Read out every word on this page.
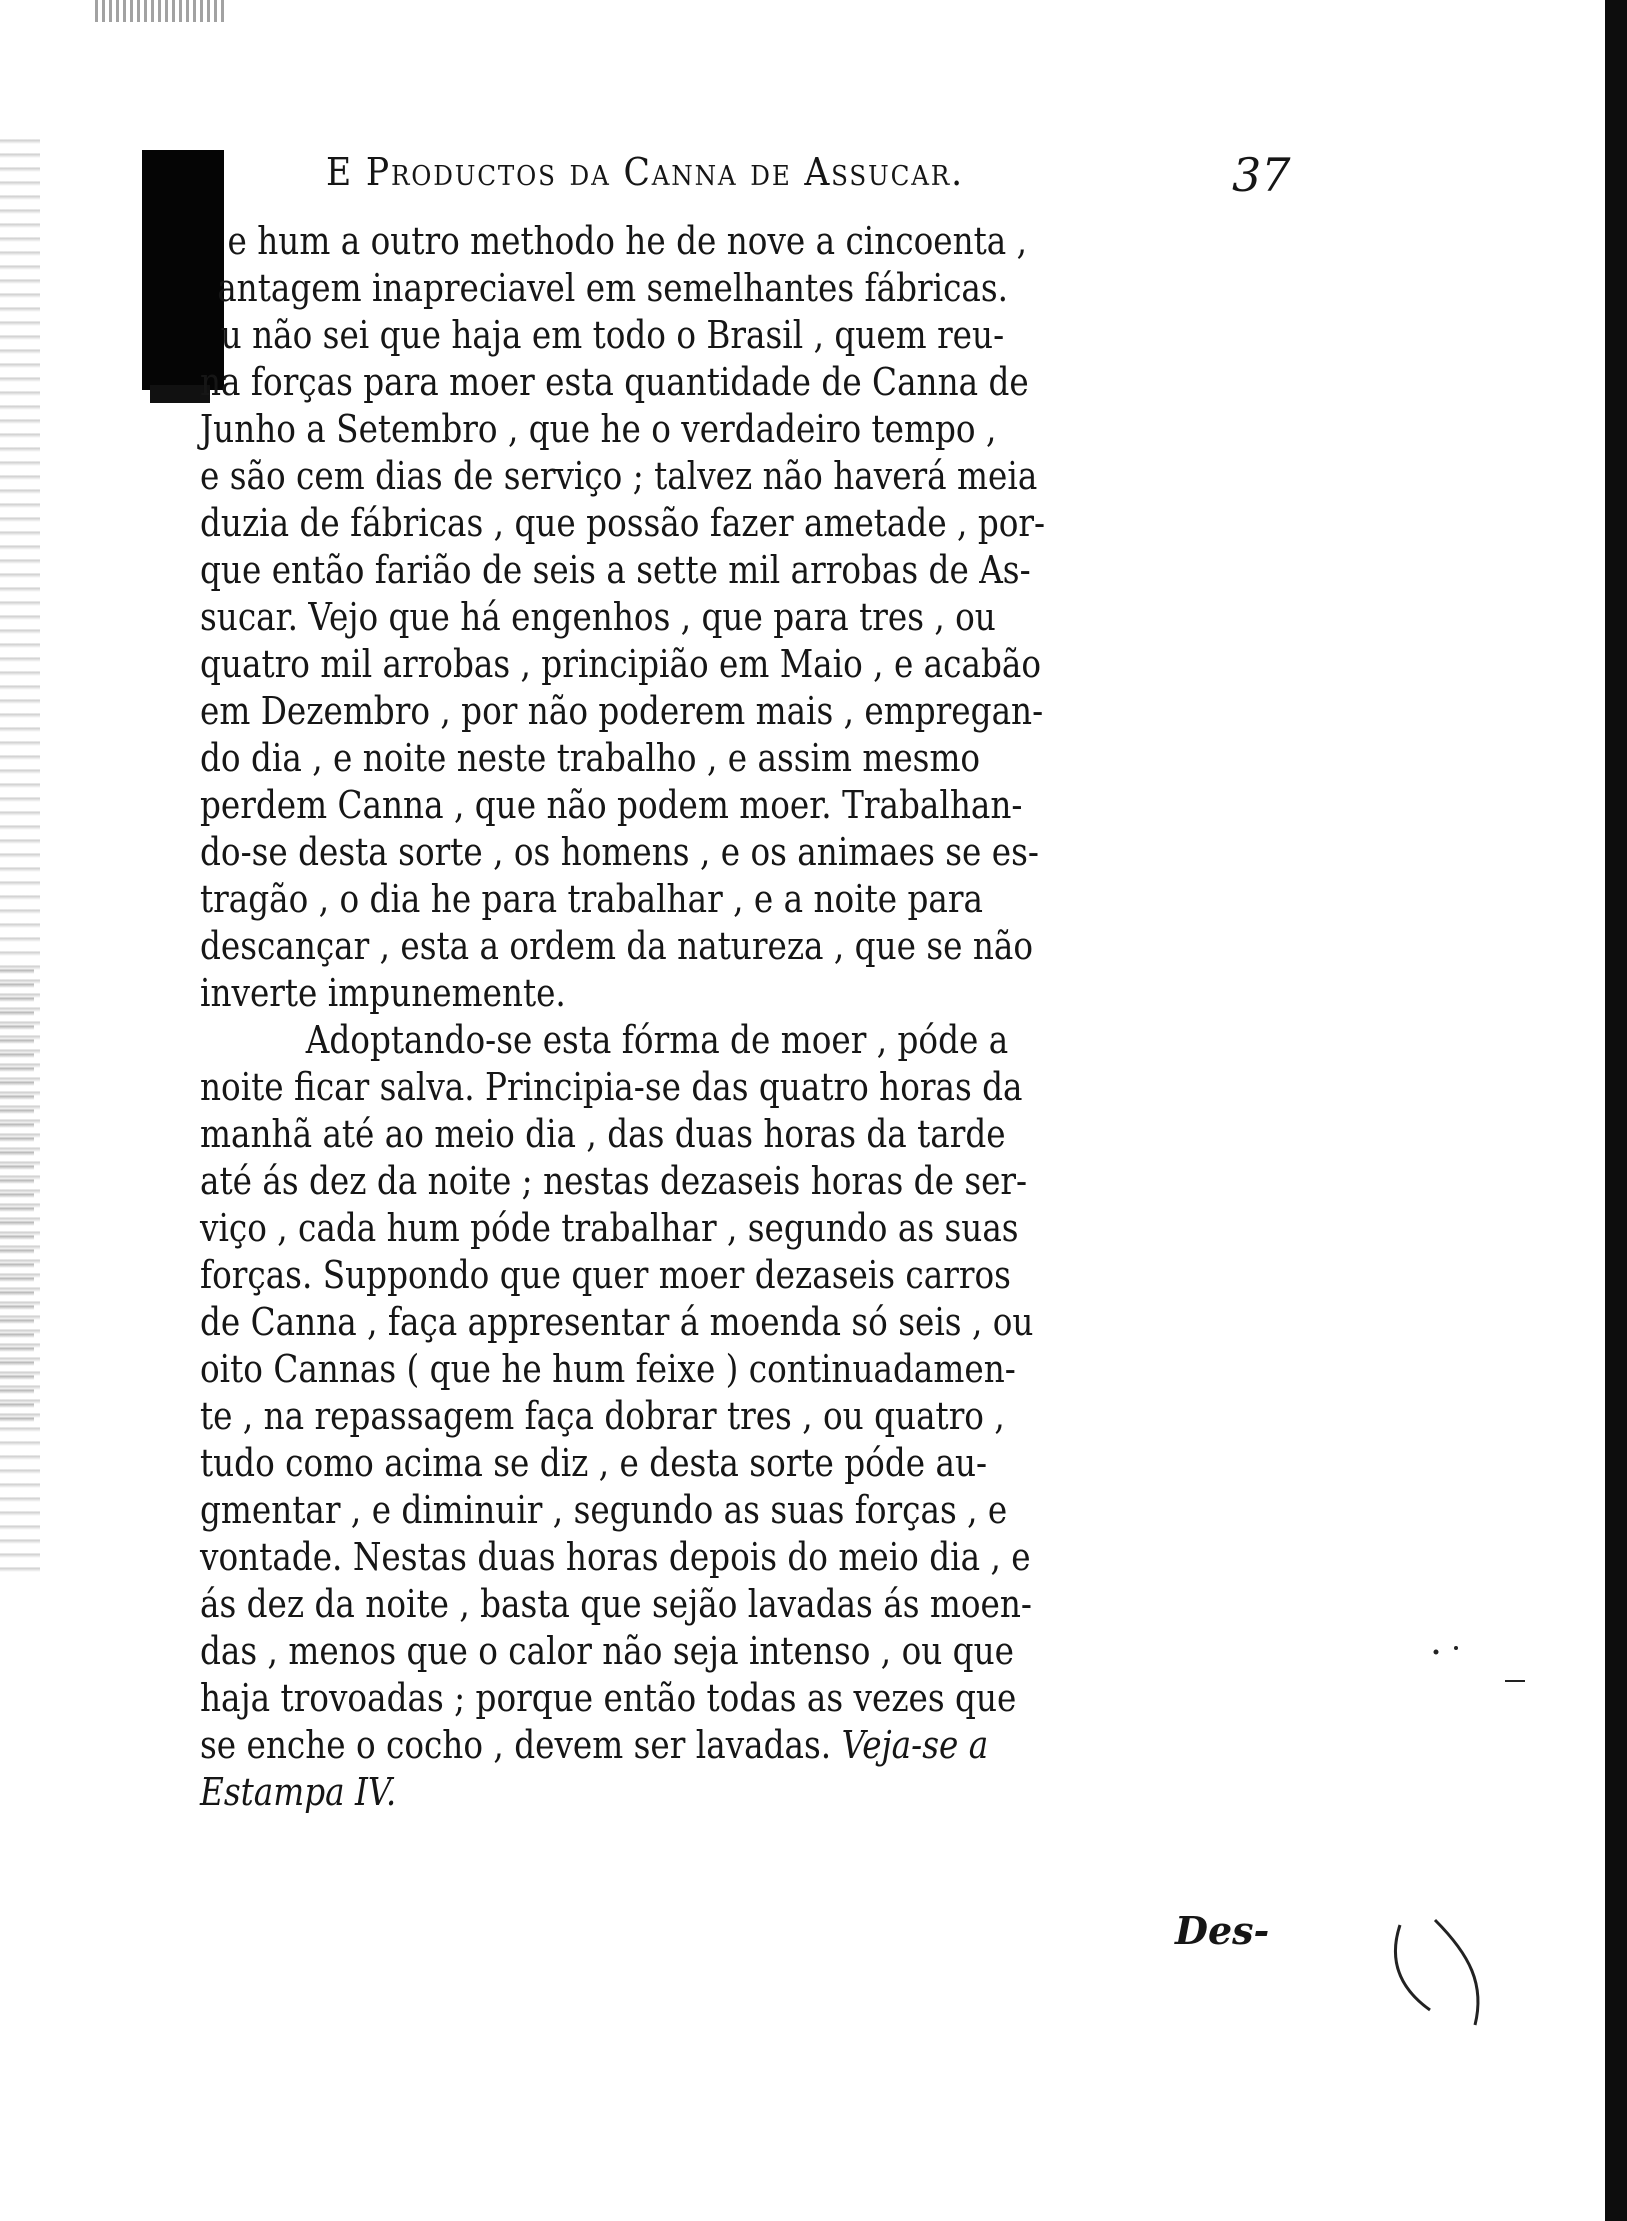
E Productos da Canna de Assucar.	37
e hum a outro methodo he de nove a cincoenta ,
antagem inapreciavel em semelhantes fábricas.
u não sei que haja em todo o Brasil , quem reu-
na forças para moer esta quantidade de Canna de
Junho a Setembro , que he o verdadeiro tempo ,
e são cem dias de serviço ; talvez não haverá meia
duzia de fábricas , que possão fazer ametade , por-
que então farião de seis a sette mil arrobas de As-
sucar. Vejo que há engenhos , que para tres , ou
quatro mil arrobas , principião em Maio , e acabão
em Dezembro , por não poderem mais , empregan-
do dia , e noite neste trabalho , e assim mesmo
perdem Canna , que não podem moer. Trabalhan-
do-se desta sorte , os homens , e os animaes se es-
tragão , o dia he para trabalhar , e a noite para
descançar , esta a ordem da natureza , que se não
inverte impunemente.
Adoptando-se esta fórma de moer , póde a
noite ficar salva. Principia-se das quatro horas da
manhã até ao meio dia , das duas horas da tarde
até ás dez da noite ; nestas dezaseis horas de ser-
viço , cada hum póde trabalhar , segundo as suas
forças. Suppondo que quer moer dezaseis carros
de Canna , faça appresentar á moenda só seis , ou
oito Cannas ( que he hum feixe ) continuadamen-
te , na repassagem faça dobrar tres , ou quatro ,
tudo como acima se diz , e desta sorte póde au-
gmentar , e diminuir , segundo as suas forças , e
vontade. Nestas duas horas depois do meio dia , e
ás dez da noite , basta que sejão lavadas ás moen-
das , menos que o calor não seja intenso , ou que
haja trovoadas ; porque então todas as vezes que
se enche o cocho , devem ser lavadas. Veja-se a
Estampa IV.
Des-
